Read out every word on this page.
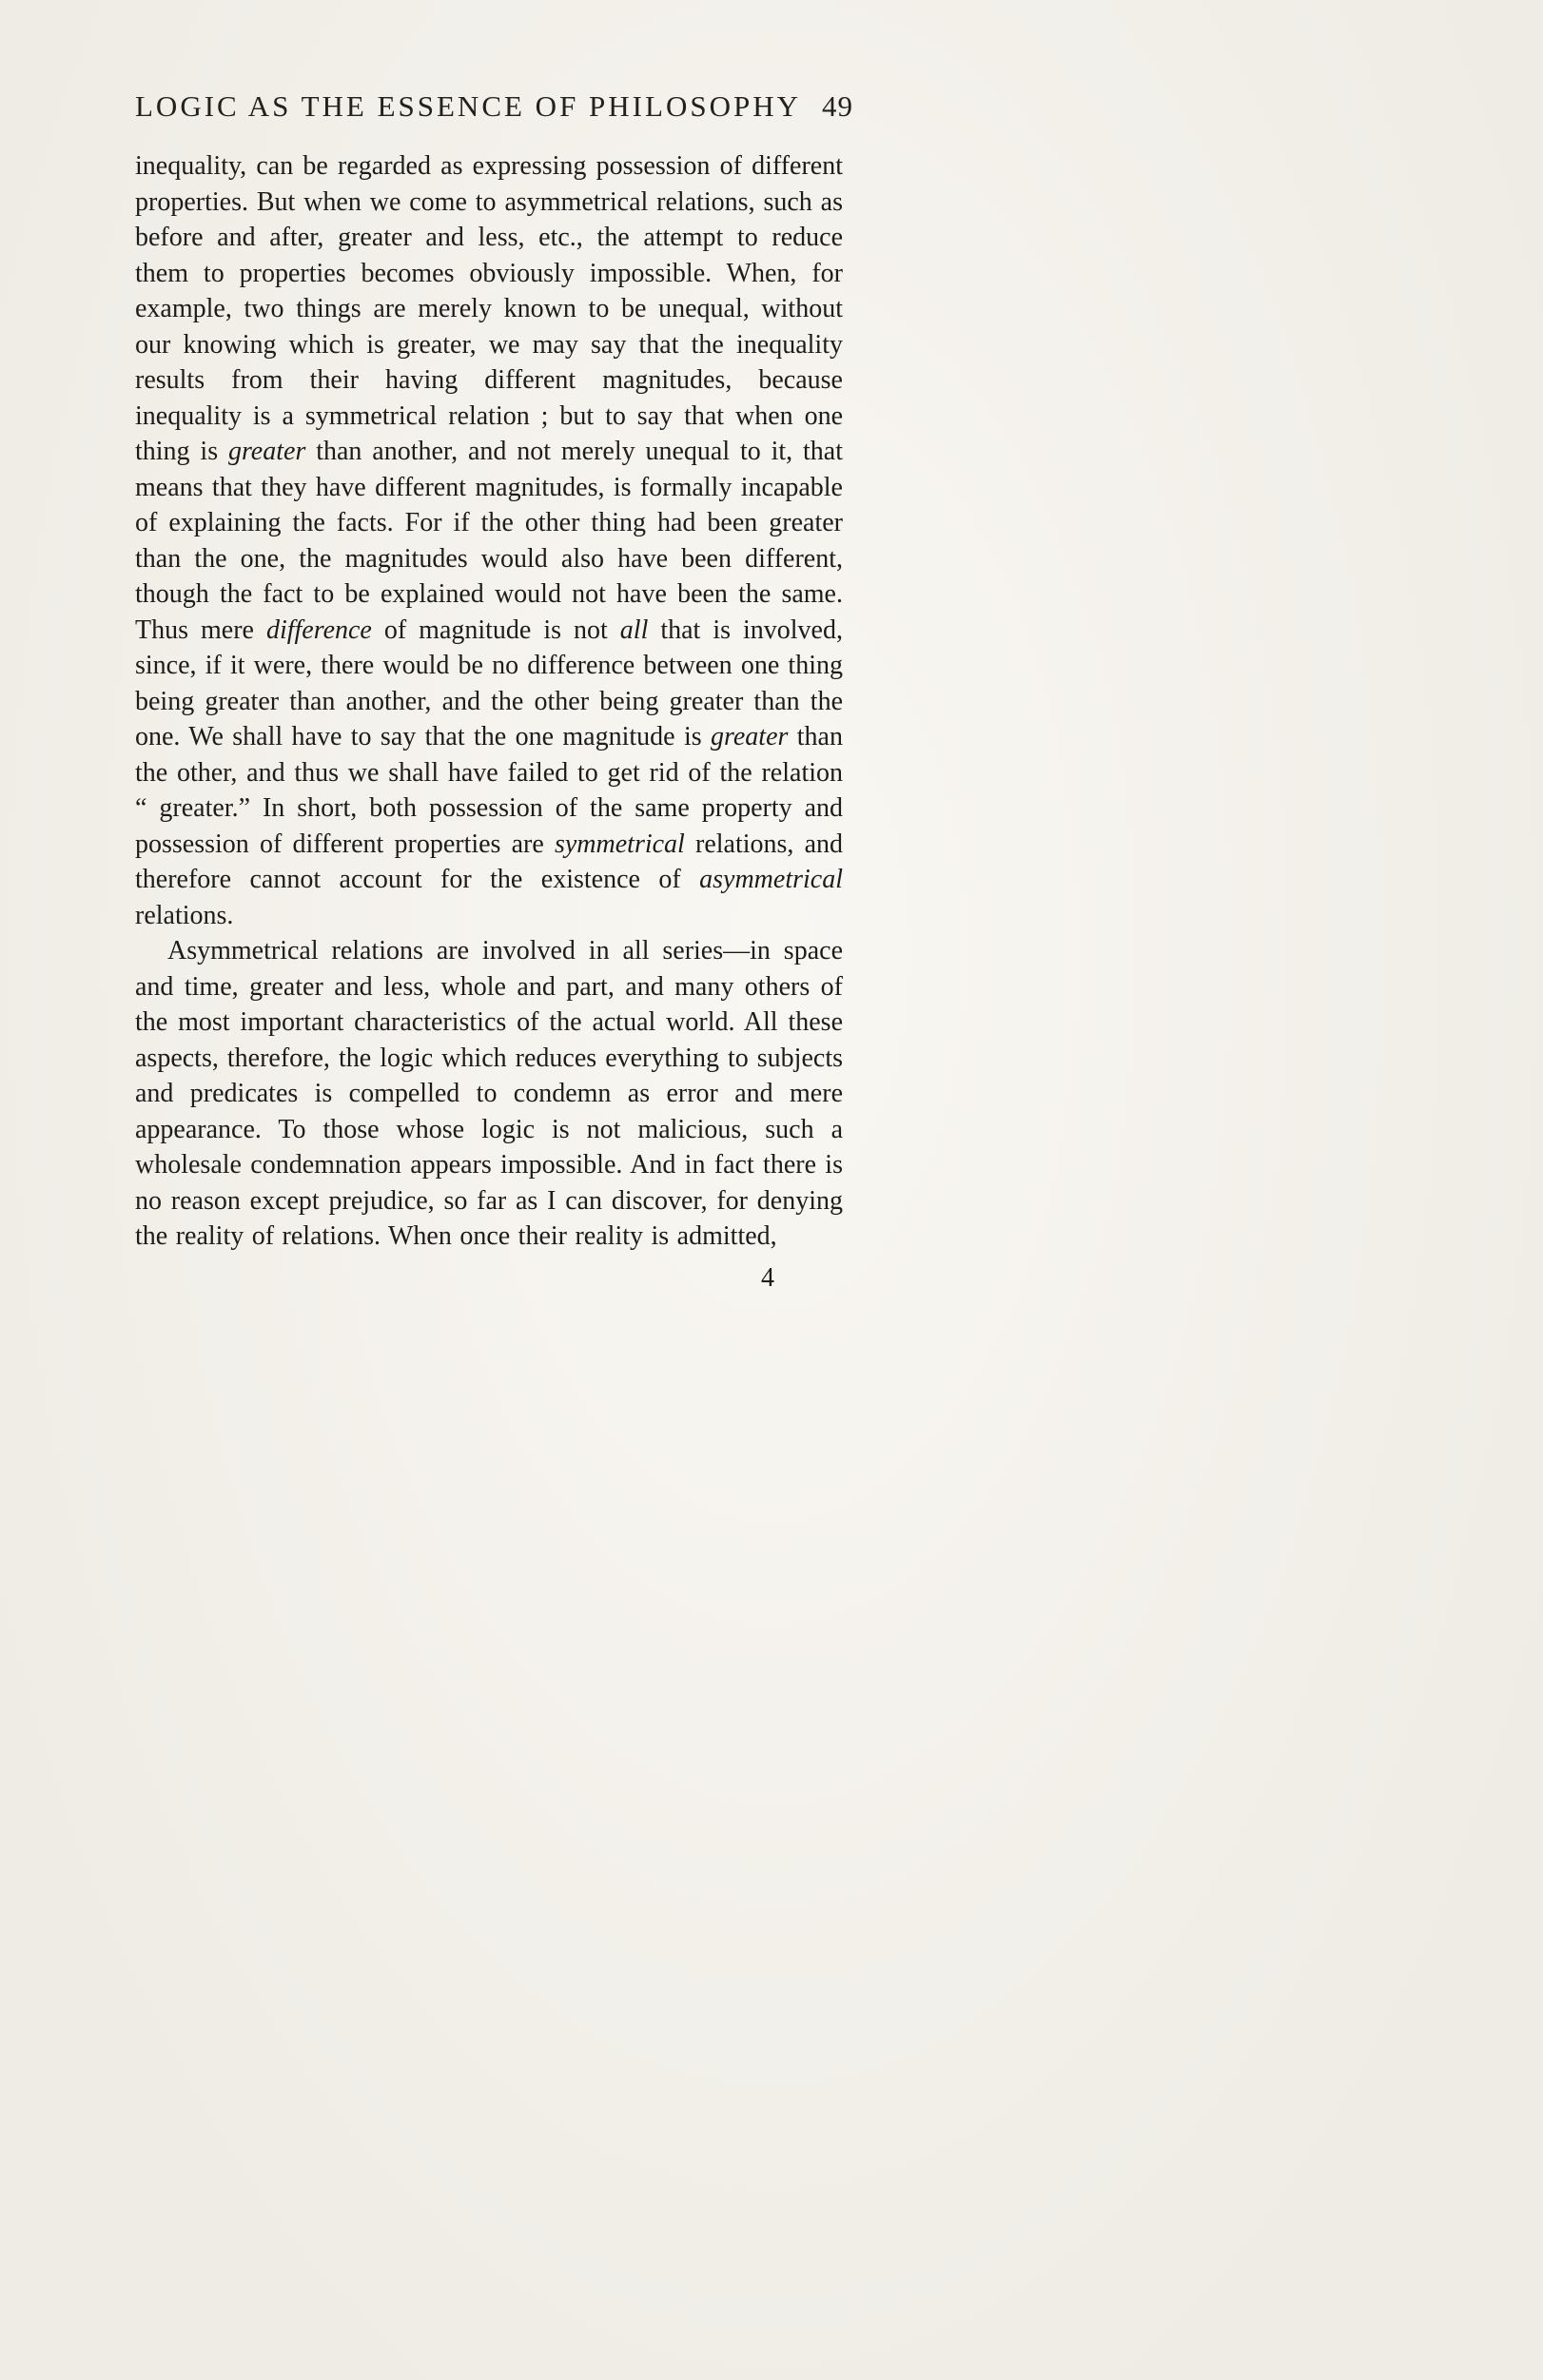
LOGIC AS THE ESSENCE OF PHILOSOPHY 49

inequality, can be regarded as expressing possession of different properties. But when we come to asymmetrical relations, such as before and after, greater and less, etc., the attempt to reduce them to properties becomes obviously impossible. When, for example, two things are merely known to be unequal, without our knowing which is greater, we may say that the inequality results from their having different magnitudes, because inequality is a symmetrical relation ; but to say that when one thing is greater than another, and not merely unequal to it, that means that they have different magnitudes, is formally incapable of explaining the facts. For if the other thing had been greater than the one, the magnitudes would also have been different, though the fact to be explained would not have been the same. Thus mere difference of magnitude is not all that is involved, since, if it were, there would be no difference between one thing being greater than another, and the other being greater than the one. We shall have to say that the one magnitude is greater than the other, and thus we shall have failed to get rid of the relation “ greater.” In short, both possession of the same property and possession of different properties are symmetrical relations, and therefore cannot account for the existence of asymmetrical relations.

Asymmetrical relations are involved in all series—in space and time, greater and less, whole and part, and many others of the most important characteristics of the actual world. All these aspects, therefore, the logic which reduces everything to subjects and predicates is compelled to condemn as error and mere appearance. To those whose logic is not malicious, such a wholesale condemnation appears impossible. And in fact there is no reason except prejudice, so far as I can discover, for denying the reality of relations. When once their reality is admitted,

4
